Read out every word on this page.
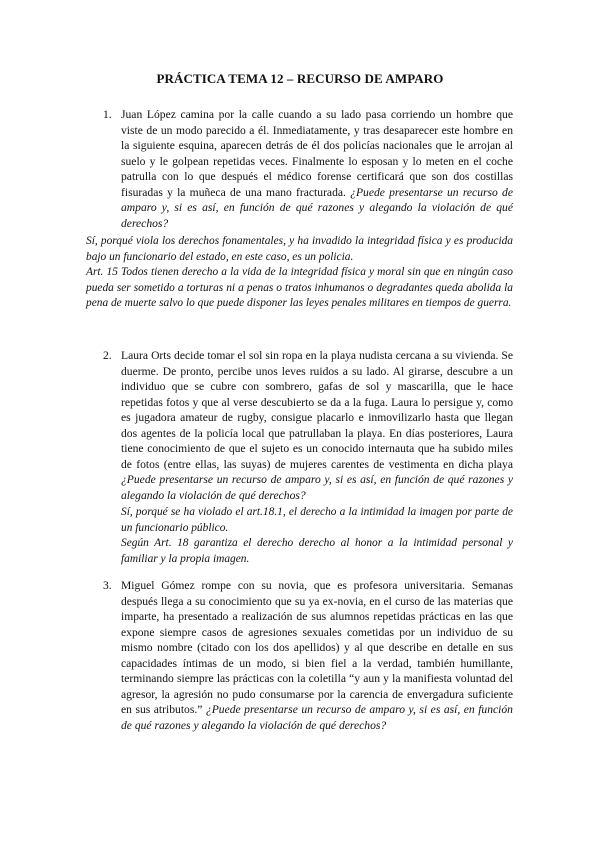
PRÁCTICA TEMA 12 – RECURSO DE AMPARO
1. Juan López camina por la calle cuando a su lado pasa corriendo un hombre que viste de un modo parecido a él. Inmediatamente, y tras desaparecer este hombre en la siguiente esquina, aparecen detrás de él dos policías nacionales que le arrojan al suelo y le golpean repetidas veces. Finalmente lo esposan y lo meten en el coche patrulla con lo que después el médico forense certificará que son dos costillas fisuradas y la muñeca de una mano fracturada. ¿Puede presentarse un recurso de amparo y, si es así, en función de qué razones y alegando la violación de qué derechos?

Sí, porqué viola los derechos fonamentales, y ha invadido la integridad física y es producida bajo un funcionario del estado, en este caso, es un policia.

Art. 15 Todos tienen derecho a la vida de la integridad física y moral sin que en ningún caso pueda ser sometido a torturas ni a penas o tratos inhumanos o degradantes queda abolida la pena de muerte salvo lo que puede disponer las leyes penales militares en tiempos de guerra.

2. Laura Orts decide tomar el sol sin ropa en la playa nudista cercana a su vivienda. Se duerme. De pronto, percibe unos leves ruidos a su lado. Al girarse, descubre a un individuo que se cubre con sombrero, gafas de sol y mascarilla, que le hace repetidas fotos y que al verse descubierto se da a la fuga. Laura lo persigue y, como es jugadora amateur de rugby, consigue placarlo e inmovilizarlo hasta que llegan dos agentes de la policía local que patrullaban la playa. En días posteriores, Laura tiene conocimiento de que el sujeto es un conocido internauta que ha subido miles de fotos (entre ellas, las suyas) de mujeres carentes de vestimenta en dicha playa ¿Puede presentarse un recurso de amparo y, si es así, en función de qué razones y alegando la violación de qué derechos?

Sí, porqué se ha violado el art.18.1, el derecho a la intimidad la imagen por parte de un funcionario público.

Según Art. 18 garantiza el derecho derecho al honor a la intimidad personal y familiar y la propia imagen.

3. Miguel Gómez rompe con su novia, que es profesora universitaria. Semanas después llega a su conocimiento que su ya ex-novia, en el curso de las materias que imparte, ha presentado a realización de sus alumnos repetidas prácticas en las que expone siempre casos de agresiones sexuales cometidas por un individuo de su mismo nombre (citado con los dos apellidos) y al que describe en detalle en sus capacidades íntimas de un modo, si bien fiel a la verdad, también humillante, terminando siempre las prácticas con la coletilla “y aun y la manifiesta voluntad del agresor, la agresión no pudo consumarse por la carencia de envergadura suficiente en sus atributos.” ¿Puede presentarse un recurso de amparo y, si es así, en función de qué razones y alegando la violación de qué derechos?
